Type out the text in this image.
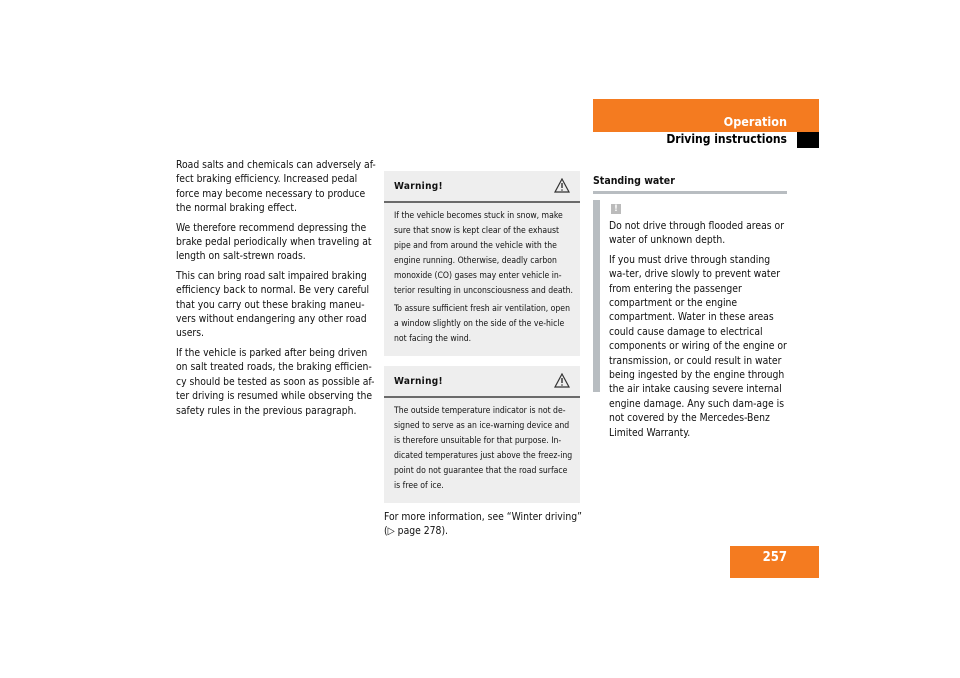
Operation
Driving instructions

Road salts and chemicals can adversely af-fect braking efficiency. Increased pedal force may become necessary to produce the normal braking effect.

We therefore recommend depressing the brake pedal periodically when traveling at length on salt-strewn roads.

This can bring road salt impaired braking efficiency back to normal. Be very careful that you carry out these braking maneu-vers without endangering any other road users.

If the vehicle is parked after being driven on salt treated roads, the braking efficien-cy should be tested as soon as possible af-ter driving is resumed while observing the safety rules in the previous paragraph.

Warning!

If the vehicle becomes stuck in snow, make sure that snow is kept clear of the exhaust pipe and from around the vehicle with the engine running. Otherwise, deadly carbon monoxide (CO) gases may enter vehicle in-terior resulting in unconsciousness and death.

To assure sufficient fresh air ventilation, open a window slightly on the side of the ve-hicle not facing the wind.

Warning!

The outside temperature indicator is not de-signed to serve as an ice-warning device and is therefore unsuitable for that purpose. In-dicated temperatures just above the freez-ing point do not guarantee that the road surface is free of ice.

For more information, see “Winter driving”

(▷ page 278).

Standing water
!

Do not drive through flooded areas or water of unknown depth.

If you must drive through standing wa-ter, drive slowly to prevent water from entering the passenger compartment or the engine compartment. Water in these areas could cause damage to electrical components or wiring of the engine or transmission, or could result in water being ingested by the engine through the air intake causing severe internal engine damage. Any such dam-age is not covered by the Mercedes-Benz Limited Warranty.

257
